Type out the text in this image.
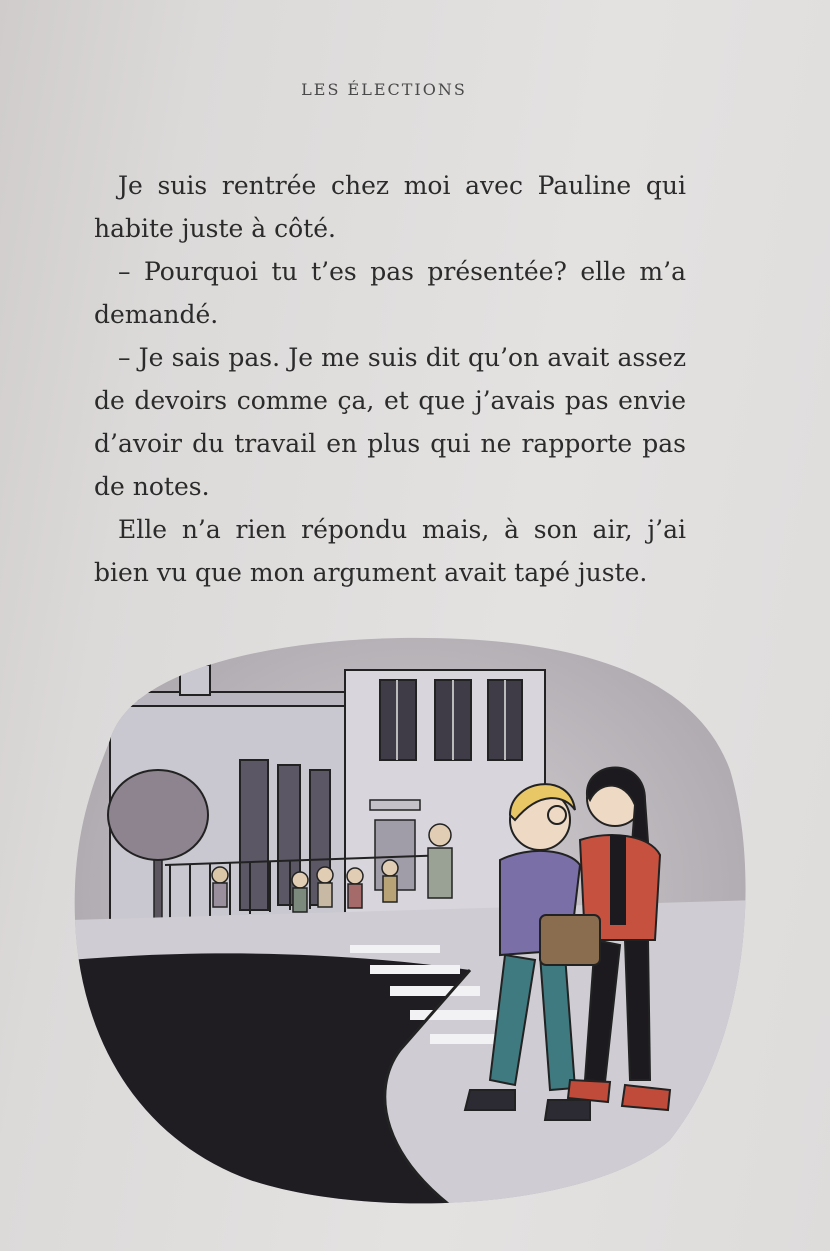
LES ÉLECTIONS

Je suis rentrée chez moi avec Pauline qui habite juste à côté.

– Pourquoi tu t’es pas présentée? elle m’a demandé.

– Je sais pas. Je me suis dit qu’on avait assez de devoirs comme ça, et que j’avais pas envie d’avoir du travail en plus qui ne rapporte pas de notes.

Elle n’a rien répondu mais, à son air, j’ai bien vu que mon argument avait tapé juste.
